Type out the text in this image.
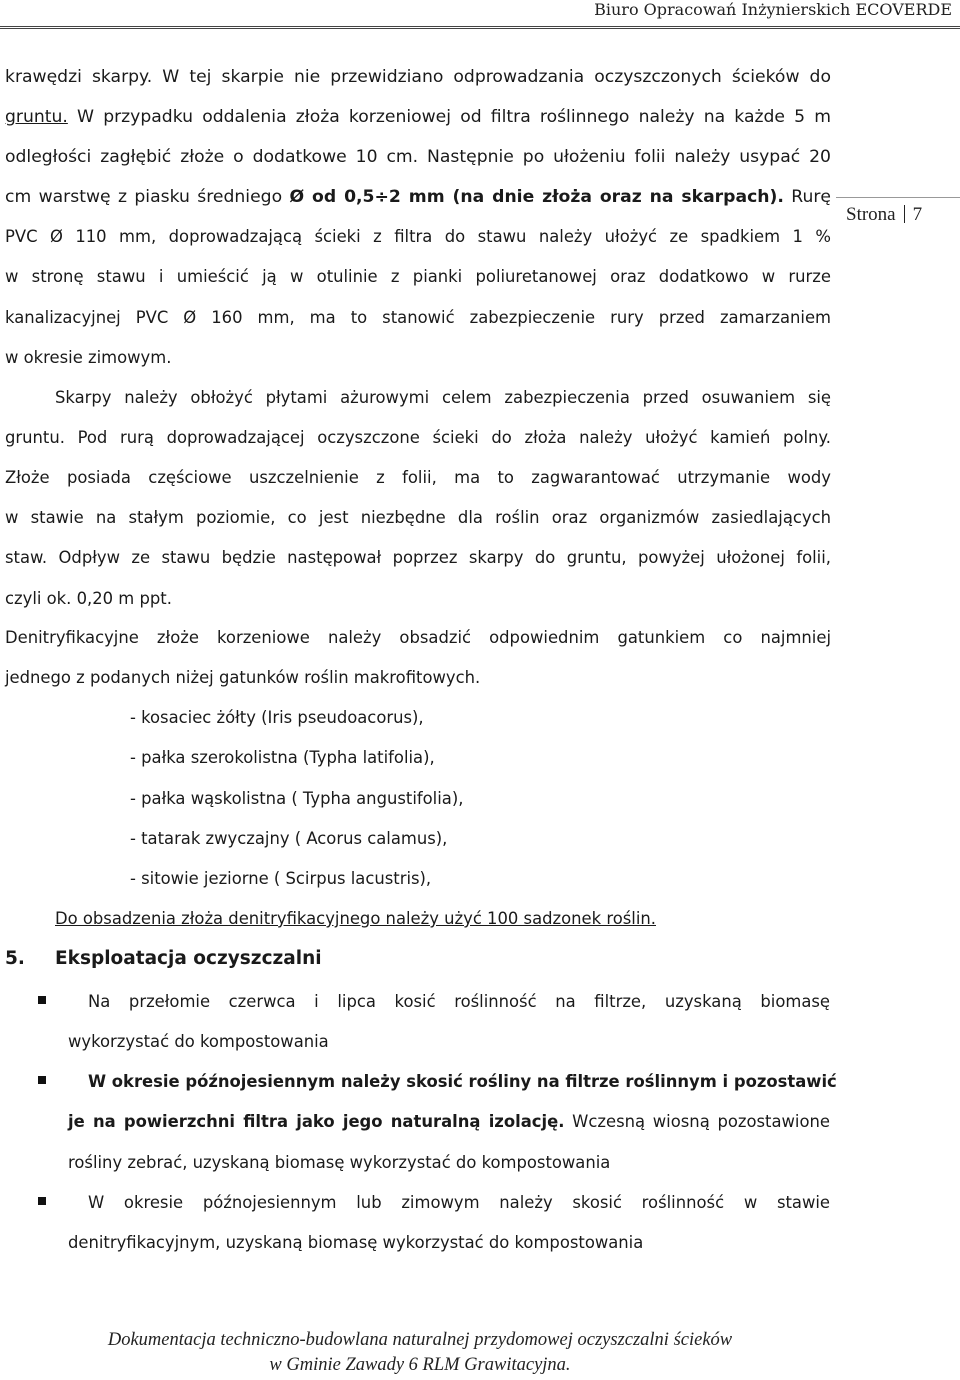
Biuro Opracowań Inżynierskich ECOVERDE
Strona 7
krawędzi skarpy. W tej skarpie nie przewidziano odprowadzania oczyszczonych ścieków do
gruntu. W przypadku oddalenia złoża korzeniowej od filtra roślinnego należy na każde 5 m
odległości zagłębić złoże o dodatkowe 10 cm. Następnie po ułożeniu folii należy usypać 20
cm warstwę z piasku średniego Ø od 0,5÷2 mm (na dnie złoża oraz na skarpach). Rurę
PVC Ø 110 mm, doprowadzającą ścieki z filtra do stawu należy ułożyć ze spadkiem 1 %
w stronę stawu i umieścić ją w otulinie z pianki poliuretanowej oraz dodatkowo w rurze
kanalizacyjnej PVC Ø 160 mm, ma to stanowić zabezpieczenie rury przed zamarzaniem
w okresie zimowym.
Skarpy należy obłożyć płytami ażurowymi celem zabezpieczenia przed osuwaniem się
gruntu. Pod rurą doprowadzającej oczyszczone ścieki do złoża należy ułożyć kamień polny.
Złoże posiada częściowe uszczelnienie z folii, ma to zagwarantować utrzymanie wody
w stawie na stałym poziomie, co jest niezbędne dla roślin oraz organizmów zasiedlających
staw. Odpływ ze stawu będzie następował poprzez skarpy do gruntu, powyżej ułożonej folii,
czyli ok. 0,20 m ppt.
Denitryfikacyjne złoże korzeniowe należy obsadzić odpowiednim gatunkiem co najmniej
jednego z podanych niżej gatunków roślin makrofitowych.
- kosaciec żółty (Iris pseudoacorus),
- pałka szerokolistna (Typha latifolia),
- pałka wąskolistna ( Typha angustifolia),
- tatarak zwyczajny ( Acorus calamus),
- sitowie jeziorne ( Scirpus lacustris),
Do obsadzenia złoża denitryfikacyjnego należy użyć 100 sadzonek roślin.
5. Eksploatacja oczyszczalni
Na przełomie czerwca i lipca kosić roślinność na filtrze, uzyskaną biomasę
wykorzystać do kompostowania
W okresie późnojesiennym należy skosić rośliny na filtrze roślinnym i pozostawić
je na powierzchni filtra jako jego naturalną izolację. Wczesną wiosną pozostawione
rośliny zebrać, uzyskaną biomasę wykorzystać do kompostowania
W okresie późnojesiennym lub zimowym należy skosić roślinność w stawie
denitryfikacyjnym, uzyskaną biomasę wykorzystać do kompostowania
Dokumentacja techniczno-budowlana naturalnej przydomowej oczyszczalni ścieków
w Gminie Zawady 6 RLM Grawitacyjna.
